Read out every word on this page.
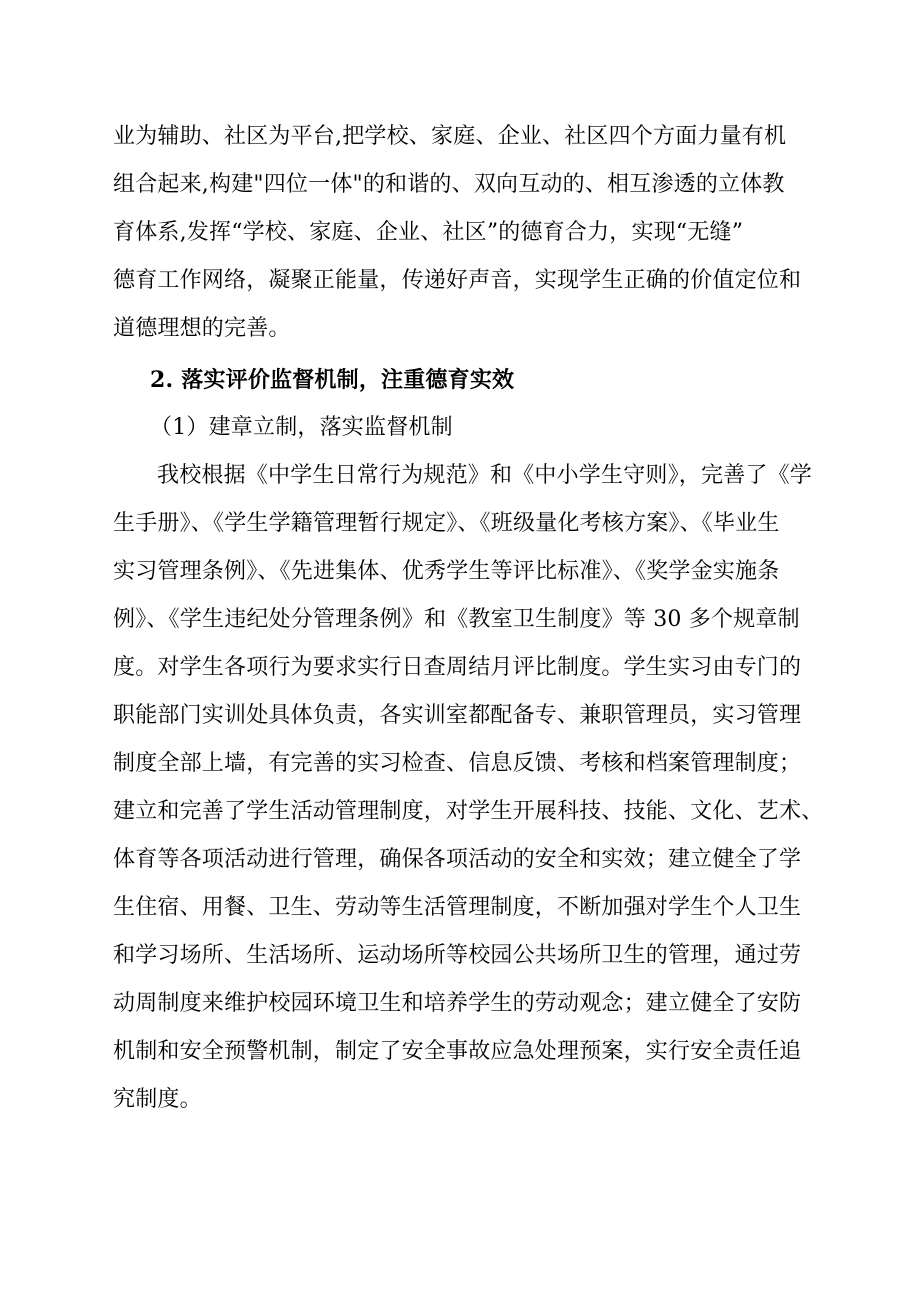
业为辅助、社区为平台,把学校、家庭、企业、社区四个方面力量有机
组合起来,构建"四位一体"的和谐的、双向互动的、相互渗透的立体教
育体系,发挥“学校、家庭、企业、社区”的德育合力，实现“无缝”
德育工作网络，凝聚正能量，传递好声音，实现学生正确的价值定位和
道德理想的完善。
2. 落实评价监督机制，注重德育实效
（1）建章立制，落实监督机制
我校根据《中学生日常行为规范》和《中小学生守则》，完善了《学
生手册》、《学生学籍管理暂行规定》、《班级量化考核方案》、《毕业生
实习管理条例》、《先进集体、优秀学生等评比标准》、《奖学金实施条
例》、《学生违纪处分管理条例》和《教室卫生制度》等 30 多个规章制
度。对学生各项行为要求实行日查周结月评比制度。学生实习由专门的
职能部门实训处具体负责，各实训室都配备专、兼职管理员，实习管理
制度全部上墙，有完善的实习检查、信息反馈、考核和档案管理制度；
建立和完善了学生活动管理制度，对学生开展科技、技能、文化、艺术、
体育等各项活动进行管理，确保各项活动的安全和实效；建立健全了学
生住宿、用餐、卫生、劳动等生活管理制度，不断加强对学生个人卫生
和学习场所、生活场所、运动场所等校园公共场所卫生的管理，通过劳
动周制度来维护校园环境卫生和培养学生的劳动观念；建立健全了安防
机制和安全预警机制，制定了安全事故应急处理预案，实行安全责任追
究制度。
